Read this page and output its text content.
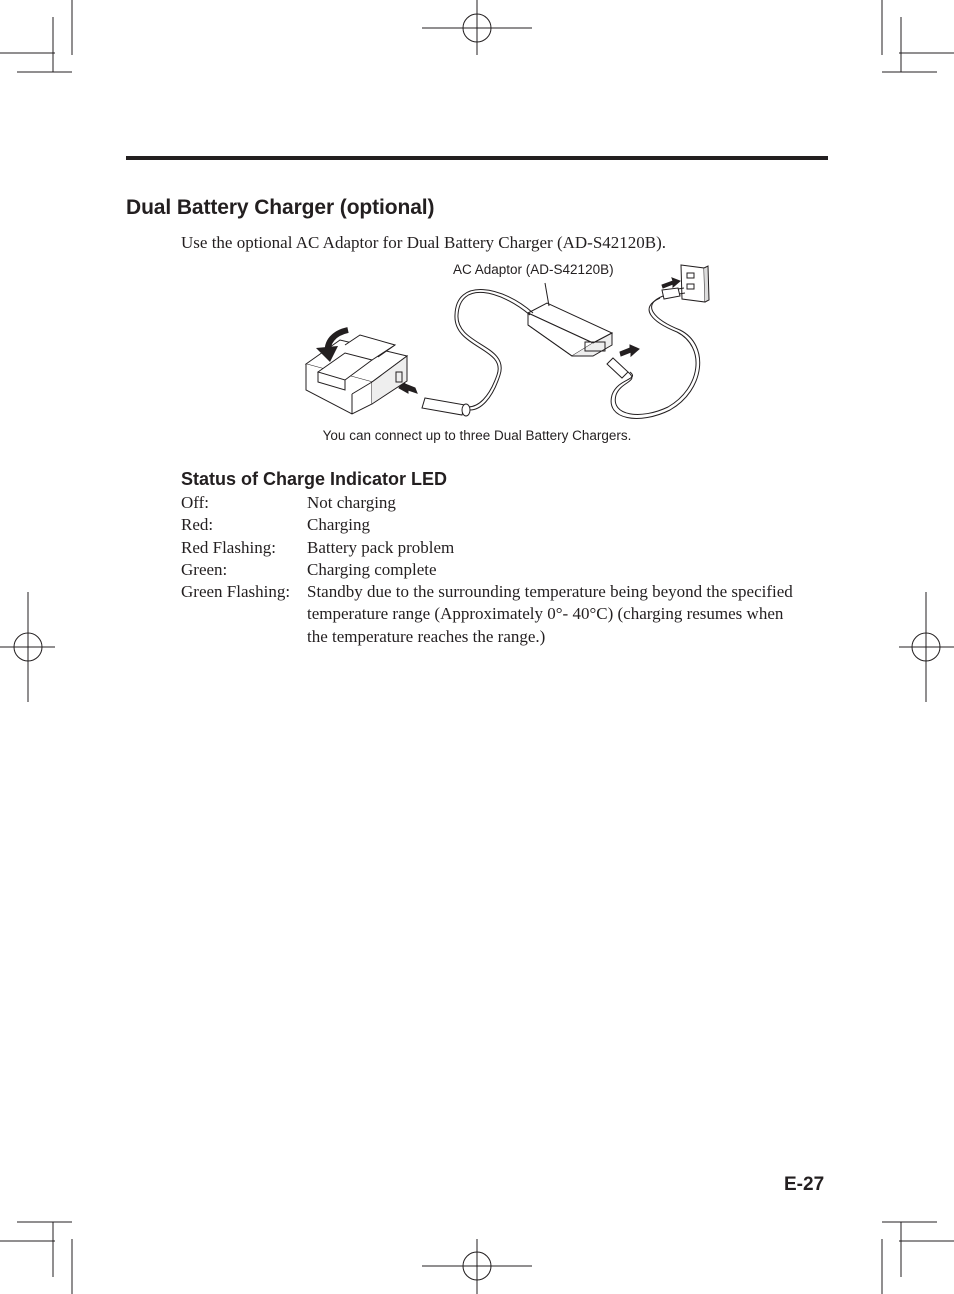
Dual Battery Charger (optional)

Use the optional AC Adaptor for Dual Battery Charger (AD-S42120B).

AC Adaptor (AD-S42120B)
You can connect up to three Dual Battery Chargers.
Status of Charge Indicator LED
Off:	Not charging
Red:	Charging
Red Flashing:	Battery pack problem
Green:	Charging complete
Green Flashing: Standby due to the surrounding temperature being beyond the specified temperature range (Approximately 0°- 40°C) (charging resumes when the temperature reaches the range.)
E-27
